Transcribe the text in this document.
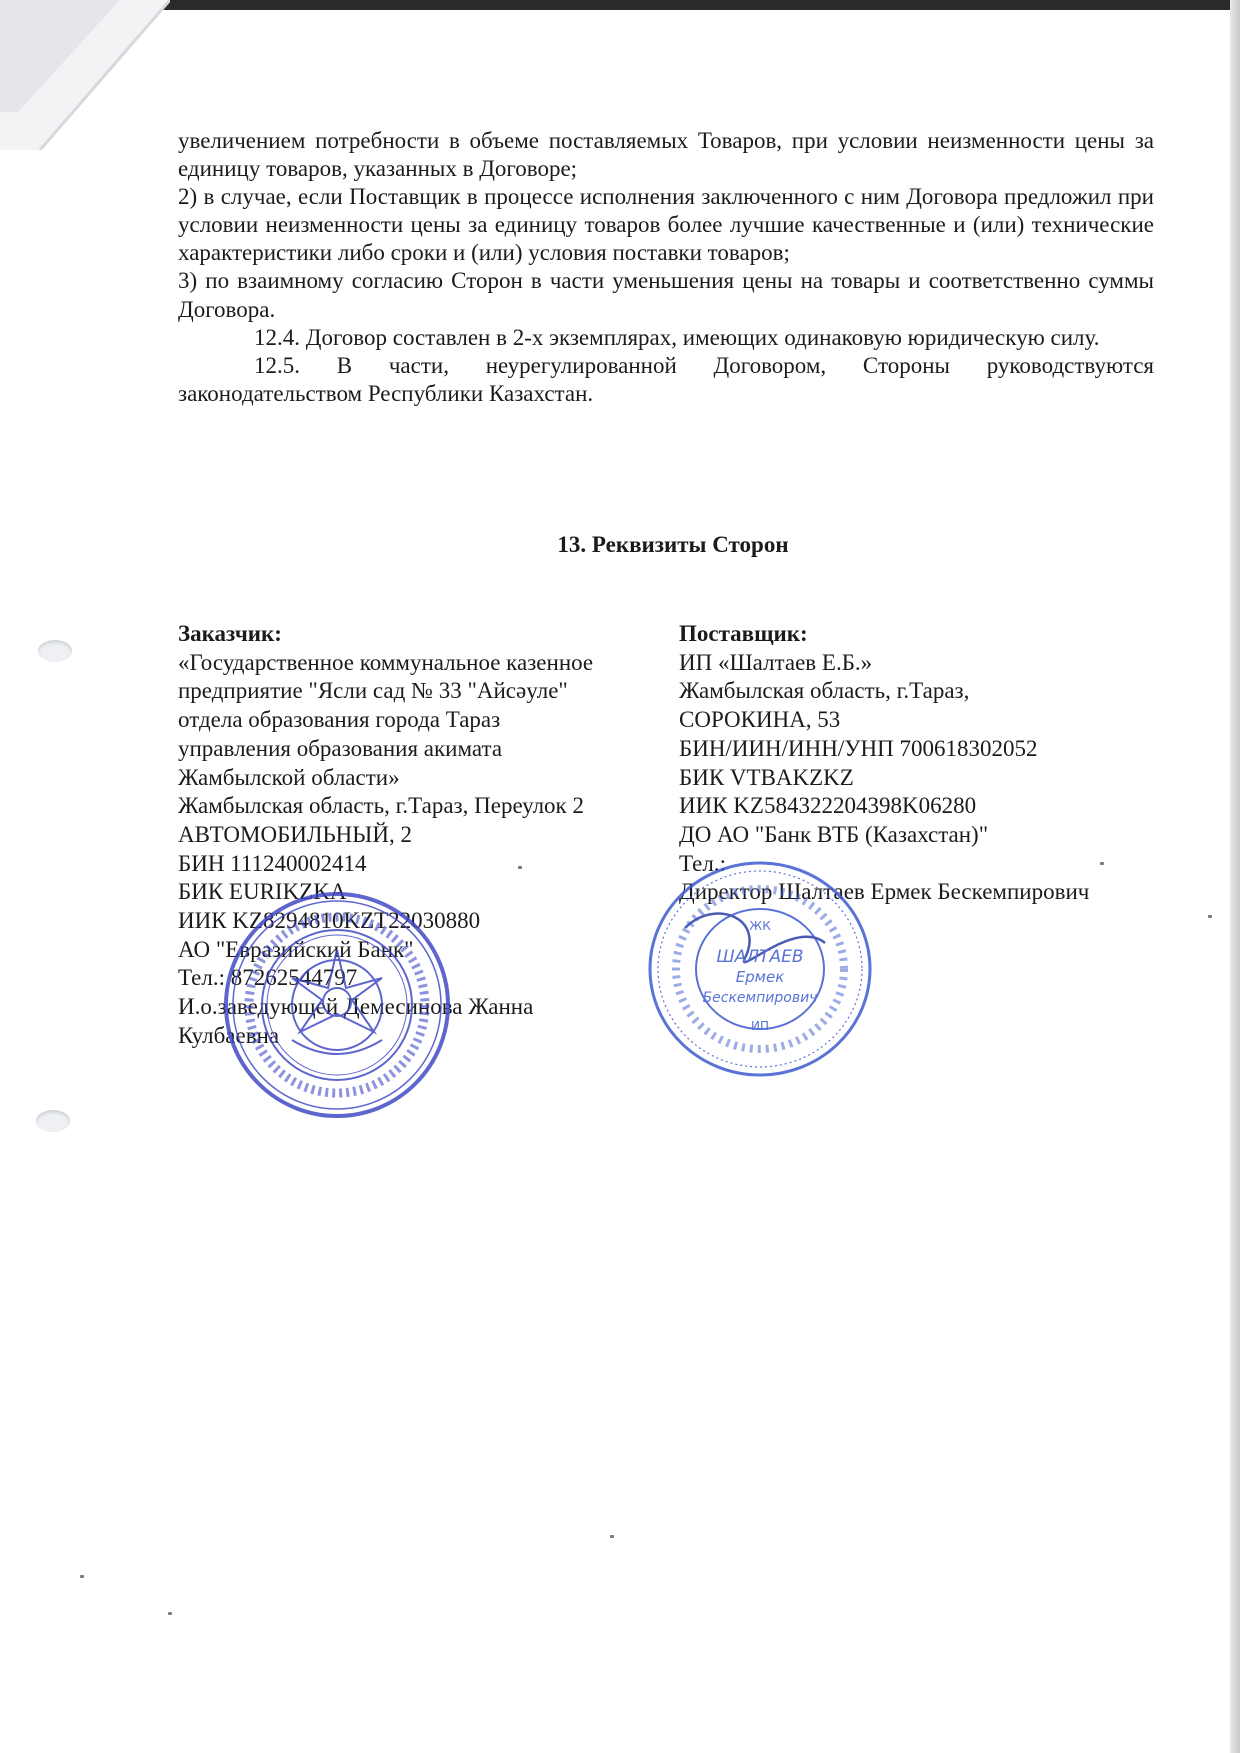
увеличением потребности в объеме поставляемых Товаров, при условии неизменности цены за единицу товаров, указанных в Договоре;

2) в случае, если Поставщик в процессе исполнения заключенного с ним Договора предложил при условии неизменности цены за единицу товаров более лучшие качественные и (или) технические характеристики либо сроки и (или) условия поставки товаров;

3) по взаимному согласию Сторон в части уменьшения цены на товары и соответственно суммы Договора.

12.4. Договор составлен в 2-х экземплярах, имеющих одинаковую юридическую силу.

12.5. В части, неурегулированной Договором, Стороны руководствуются законодательством Республики Казахстан.

13. Реквизиты Сторон
Заказчик:
«Государственное коммунальное казенное
предприятие "Ясли сад № 33 "Айсәуле"
отдела образования города Тараз
управления образования акимата
Жамбылской области»
Жамбылская область, г.Тараз, Переулок 2
АВТОМОБИЛЬНЫЙ, 2
БИН 111240002414
БИК EURIKZKA
ИИК KZ8294810KZT22030880
АО "Евразийский Банк"
Тел.: 87262544797
И.о.заведующей Демесинова Жанна
Кулбаевна
Поставщик:
ИП «Шалтаев Е.Б.»
Жамбылская область, г.Тараз,
СОРОКИНА, 53
БИН/ИИН/ИНН/УНП 700618302052
БИК VTBAKZKZ
ИИК KZ584322204398K06280
ДО АО "Банк ВТБ (Казахстан)"
Тел.:
Директор Шалтаев Ермек Бескемпирович
ЖК
ШАЛТАЕВ
Ермек
Бескемпирович
ИП
